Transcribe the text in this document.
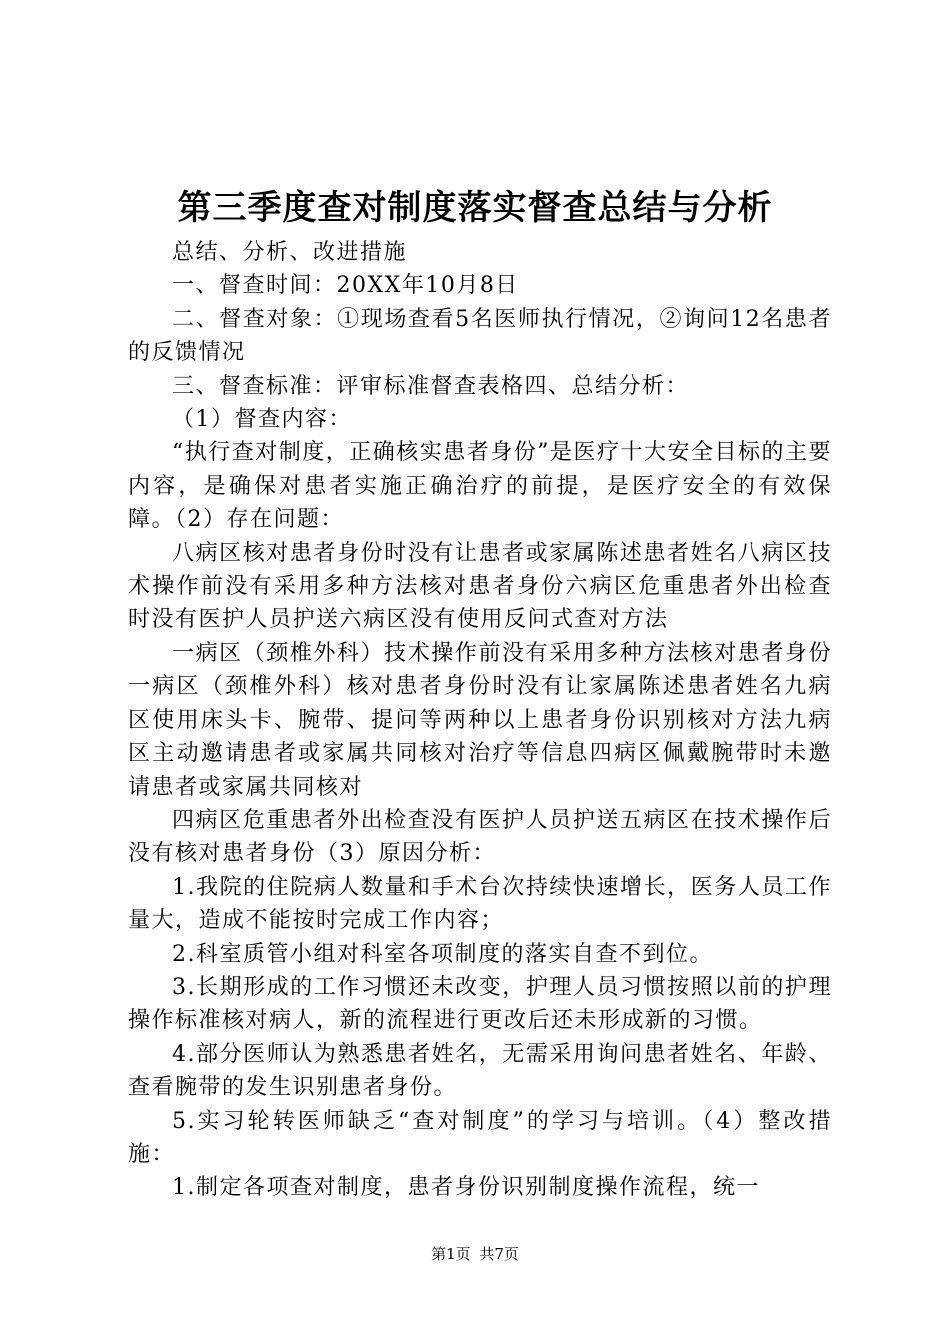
第三季度查对制度落实督查总结与分析

总结、分析、改进措施

一、督查时间：20XX年10月8日

二、督查对象：①现场查看5名医师执行情况，②询问12名患者的反馈情况

三、督查标准：评审标准督查表格四、总结分析：

（1）督查内容：

“执行查对制度，正确核实患者身份”是医疗十大安全目标的主要内容，是确保对患者实施正确治疗的前提，是医疗安全的有效保障。（2）存在问题：

八病区核对患者身份时没有让患者或家属陈述患者姓名八病区技术操作前没有采用多种方法核对患者身份六病区危重患者外出检查时没有医护人员护送六病区没有使用反问式查对方法

一病区（颈椎外科）技术操作前没有采用多种方法核对患者身份一病区（颈椎外科）核对患者身份时没有让家属陈述患者姓名九病区使用床头卡、腕带、提问等两种以上患者身份识别核对方法九病区主动邀请患者或家属共同核对治疗等信息四病区佩戴腕带时未邀请患者或家属共同核对

四病区危重患者外出检查没有医护人员护送五病区在技术操作后没有核对患者身份（3）原因分析：

1.我院的住院病人数量和手术台次持续快速增长，医务人员工作量大，造成不能按时完成工作内容；

2.科室质管小组对科室各项制度的落实自查不到位。

3.长期形成的工作习惯还未改变，护理人员习惯按照以前的护理操作标准核对病人，新的流程进行更改后还未形成新的习惯。

4.部分医师认为熟悉患者姓名，无需采用询问患者姓名、年龄、查看腕带的发生识别患者身份。

5.实习轮转医师缺乏“查对制度”的学习与培训。（4）整改措施：

1.制定各项查对制度，患者身份识别制度操作流程，统一

第1页 共7页
